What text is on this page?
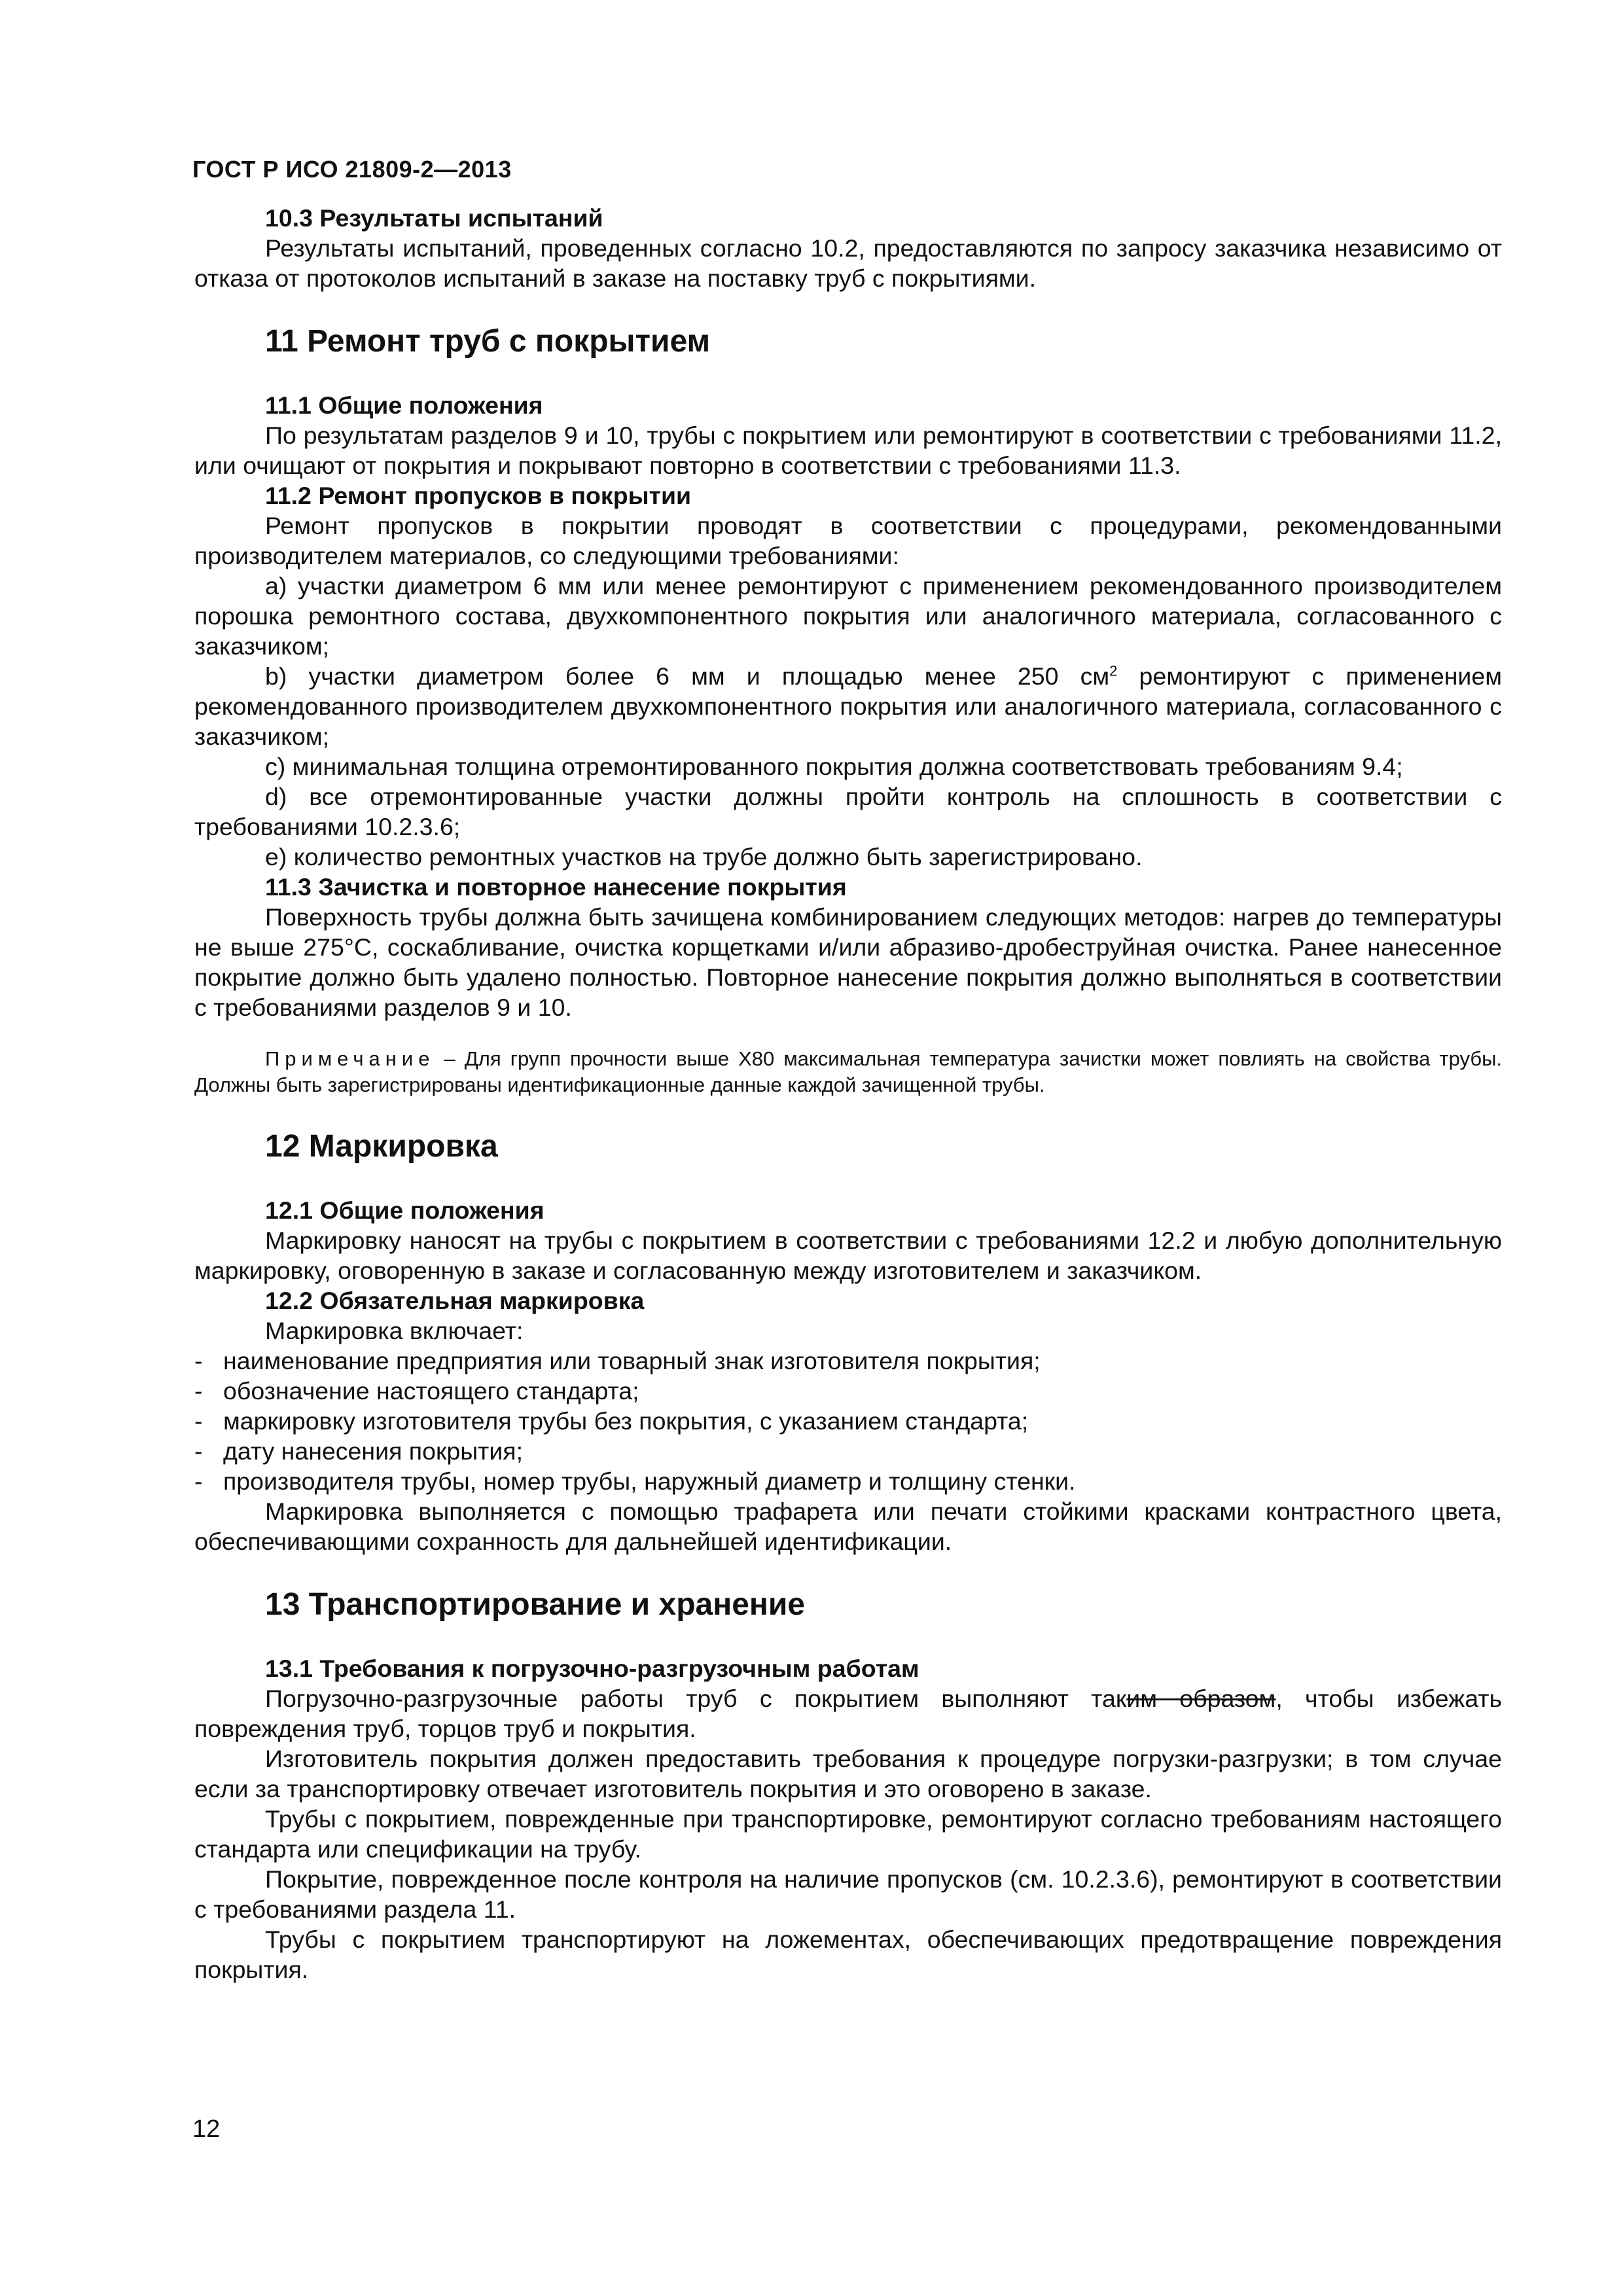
ГОСТ Р ИСО 21809-2—2013

10.3 Результаты испытаний

Результаты испытаний, проведенных согласно 10.2, предоставляются по запросу заказчика независимо от отказа от протоколов испытаний в заказе на поставку труб с покрытиями.

11 Ремонт труб с покрытием

11.1 Общие положения

По результатам разделов 9 и 10, трубы с покрытием или ремонтируют в соответствии с требованиями 11.2, или очищают от покрытия и покрывают повторно в соответствии с требованиями 11.3.

11.2 Ремонт пропусков в покрытии

Ремонт пропусков в покрытии проводят в соответствии с процедурами, рекомендованными производителем материалов, со следующими требованиями:

a) участки диаметром 6 мм или менее ремонтируют с применением рекомендованного производителем порошка ремонтного состава, двухкомпонентного покрытия или аналогичного материала, согласованного с заказчиком;

b) участки диаметром более 6 мм и площадью менее 250 $см^2$ ремонтируют с применением рекомендованного производителем двухкомпонентного покрытия или аналогичного материала, согласованного с заказчиком;

c) минимальная толщина отремонтированного покрытия должна соответствовать требованиям 9.4;

d) все отремонтированные участки должны пройти контроль на сплошность в соответствии с требованиями 10.2.3.6;

e) количество ремонтных участков на трубе должно быть зарегистрировано.

11.3 Зачистка и повторное нанесение покрытия

Поверхность трубы должна быть зачищена комбинированием следующих методов: нагрев до температуры не выше 275°С, соскабливание, очистка корщетками и/или абразиво-дробеструйная очистка. Ранее нанесенное покрытие должно быть удалено полностью. Повторное нанесение покрытия должно выполняться в соответствии с требованиями разделов 9 и 10.

Примечание – Для групп прочности выше Х80 максимальная температура зачистки может повлиять на свойства трубы. Должны быть зарегистрированы идентификационные данные каждой зачищенной трубы.

12 Маркировка

12.1 Общие положения

Маркировку наносят на трубы с покрытием в соответствии с требованиями 12.2 и любую дополнительную маркировку, оговоренную в заказе и согласованную между изготовителем и заказчиком.

12.2 Обязательная маркировка

Маркировка включает:

- наименование предприятия или товарный знак изготовителя покрытия;

- обозначение настоящего стандарта;

- маркировку изготовителя трубы без покрытия, с указанием стандарта;

- дату нанесения покрытия;

- производителя трубы, номер трубы, наружный диаметр и толщину стенки.

Маркировка выполняется с помощью трафарета или печати стойкими красками контрастного цвета, обеспечивающими сохранность для дальнейшей идентификации.

13 Транспортирование и хранение

13.1 Требования к погрузочно-разгрузочным работам

Погрузочно-разгрузочные работы труб с покрытием выполняют таким образом, чтобы избежать повреждения труб, торцов труб и покрытия.

Изготовитель покрытия должен предоставить требования к процедуре погрузки-разгрузки; в том случае если за транспортировку отвечает изготовитель покрытия и это оговорено в заказе.

Трубы с покрытием, поврежденные при транспортировке, ремонтируют согласно требованиям настоящего стандарта или спецификации на трубу.

Покрытие, поврежденное после контроля на наличие пропусков (см. 10.2.3.6), ремонтируют в соответствии с требованиями раздела 11.

Трубы с покрытием транспортируют на ложементах, обеспечивающих предотвращение повреждения покрытия.

12
